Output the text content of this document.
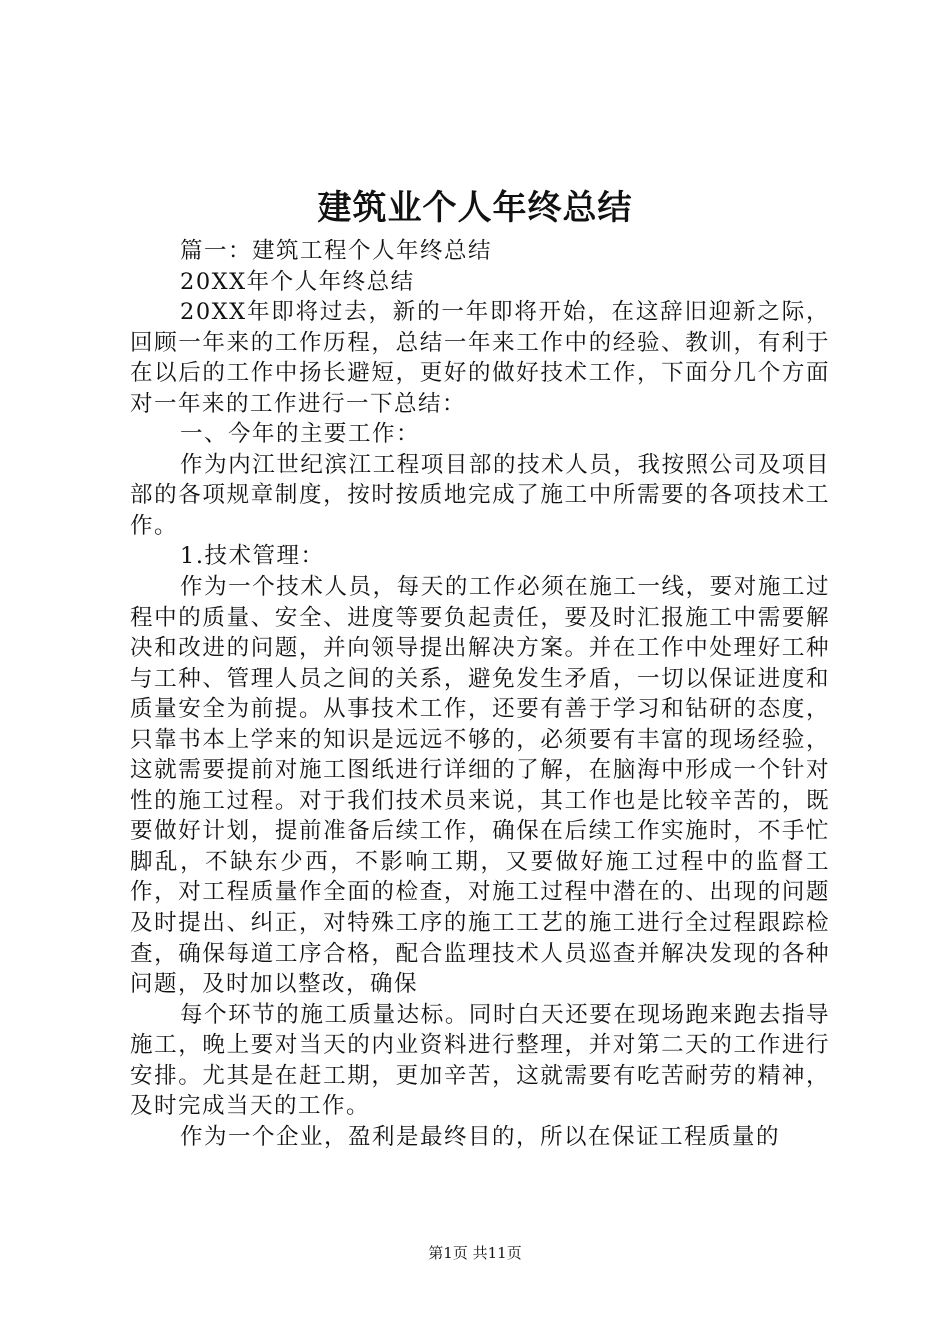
建筑业个人年终总结

篇一：建筑工程个人年终总结

20XX年个人年终总结

20XX年即将过去，新的一年即将开始，在这辞旧迎新之际，回顾一年来的工作历程，总结一年来工作中的经验、教训，有利于在以后的工作中扬长避短，更好的做好技术工作，下面分几个方面对一年来的工作进行一下总结：

一、今年的主要工作：

作为内江世纪滨江工程项目部的技术人员，我按照公司及项目部的各项规章制度，按时按质地完成了施工中所需要的各项技术工作。

1.技术管理：

作为一个技术人员，每天的工作必须在施工一线，要对施工过程中的质量、安全、进度等要负起责任，要及时汇报施工中需要解决和改进的问题，并向领导提出解决方案。并在工作中处理好工种与工种、管理人员之间的关系，避免发生矛盾，一切以保证进度和质量安全为前提。从事技术工作，还要有善于学习和钻研的态度，只靠书本上学来的知识是远远不够的，必须要有丰富的现场经验，这就需要提前对施工图纸进行详细的了解，在脑海中形成一个针对性的施工过程。对于我们技术员来说，其工作也是比较辛苦的，既要做好计划，提前准备后续工作，确保在后续工作实施时，不手忙脚乱，不缺东少西，不影响工期，又要做好施工过程中的监督工作，对工程质量作全面的检查，对施工过程中潜在的、出现的问题及时提出、纠正，对特殊工序的施工工艺的施工进行全过程跟踪检查，确保每道工序合格，配合监理技术人员巡查并解决发现的各种问题，及时加以整改，确保

每个环节的施工质量达标。同时白天还要在现场跑来跑去指导施工，晚上要对当天的内业资料进行整理，并对第二天的工作进行安排。尤其是在赶工期，更加辛苦，这就需要有吃苦耐劳的精神，及时完成当天的工作。

作为一个企业，盈利是最终目的，所以在保证工程质量的

第1页 共11页
